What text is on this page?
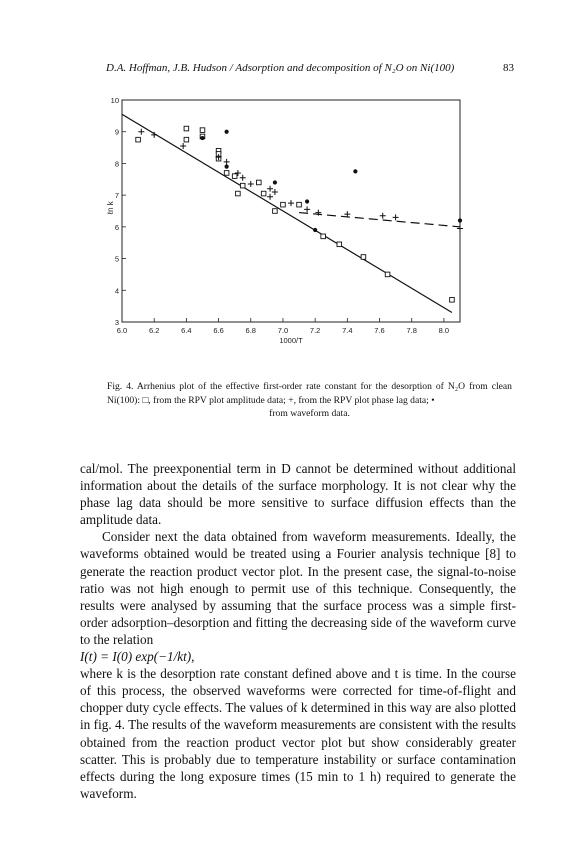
D.A. Hoffman, J.B. Hudson / Adsorption and decomposition of N₂O on Ni(100)	83
6.0	6.2	6.4	6.6	6.8	7.0	7.2	7.4	7.6	7.8	8.0
3
4
5
6
7
8
9
10
1000/T
ℓn k
Fig. 4. Arrhenius plot of the effective first-order rate constant for the desorption of N₂O from clean Ni(100): □, from the RPV plot amplitude data; +, from the RPV plot phase lag data; •
from waveform data.

cal/mol. The preexponential term in D cannot be determined without additional information about the details of the surface morphology. It is not clear why the phase lag data should be more sensitive to surface diffusion effects than the amplitude data.

Consider next the data obtained from waveform measurements. Ideally, the waveforms obtained would be treated using a Fourier analysis technique [8] to generate the reaction product vector plot. In the present case, the signal-to-noise ratio was not high enough to permit use of this technique. Consequently, the results were analysed by assuming that the surface process was a simple first-order adsorption–desorption and fitting the decreasing side of the waveform curve to the relation

I(t) = I(0) exp(−1/kt),

where k is the desorption rate constant defined above and t is time. In the course of this process, the observed waveforms were corrected for time-of-flight and chopper duty cycle effects. The values of k determined in this way are also plotted in fig. 4. The results of the waveform measurements are consistent with the results obtained from the reaction product vector plot but show considerably greater scatter. This is probably due to temperature instability or surface contamination effects during the long exposure times (15 min to 1 h) required to generate the waveform.
